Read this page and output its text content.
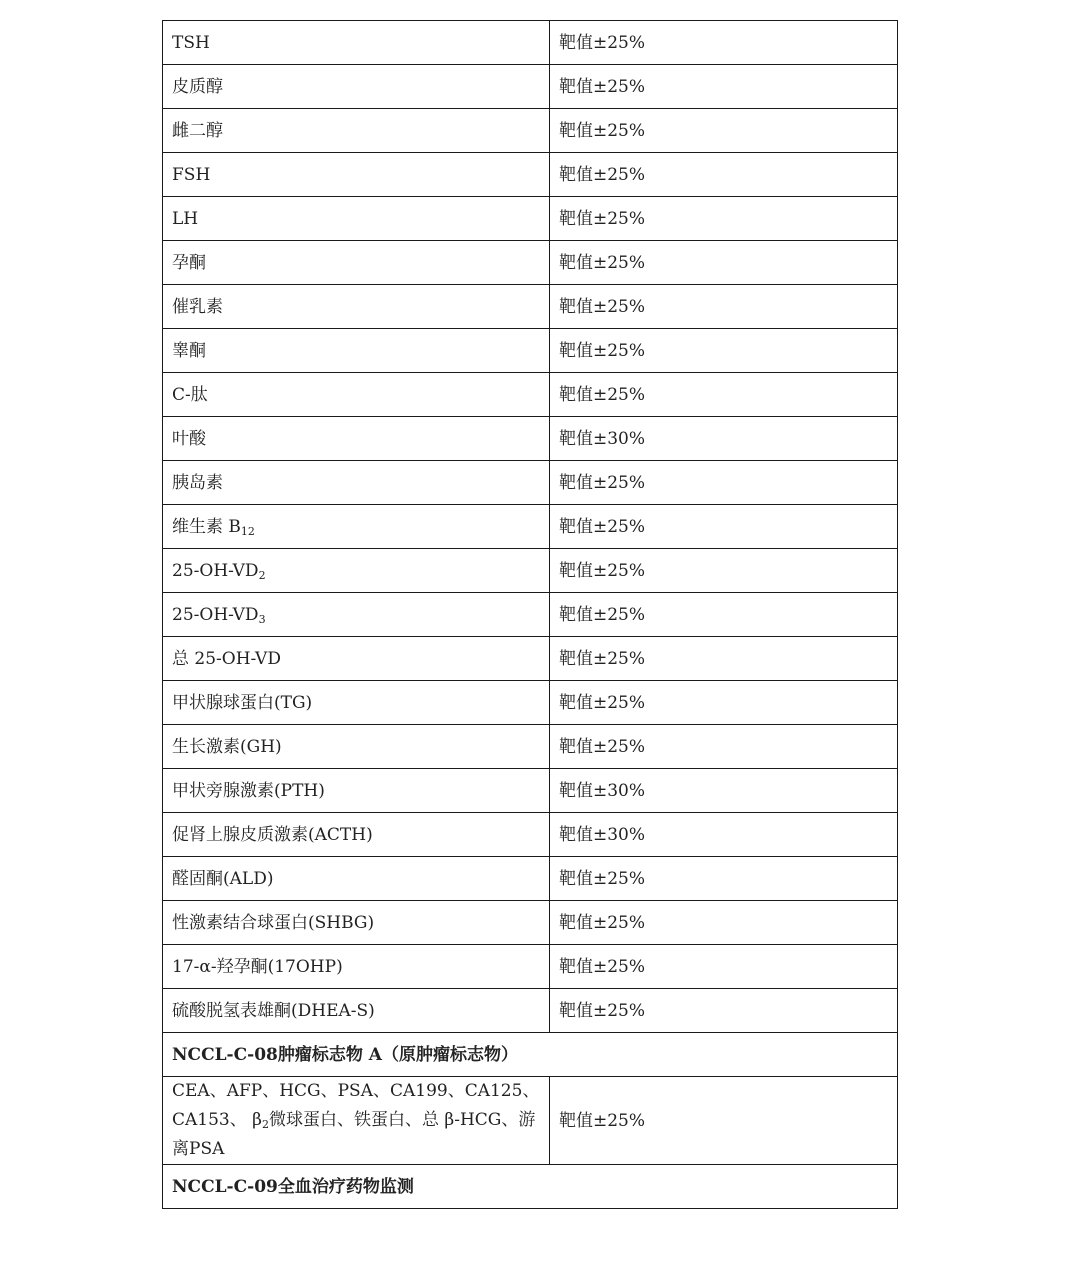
TSH	靶值±25%
皮质醇	靶值±25%
雌二醇	靶值±25%
FSH	靶值±25%
LH	靶值±25%
孕酮	靶值±25%
催乳素	靶值±25%
睾酮	靶值±25%
C-肽	靶值±25%
叶酸	靶值±30%
胰岛素	靶值±25%
维生素 $B_{12}$	靶值±25%
$25-OH-VD_2$	靶值±25%
$25-OH-VD_3$	靶值±25%
总 25-OH-VD	靶值±25%
甲状腺球蛋白(TG)	靶值±25%
生长激素(GH)	靶值±25%
甲状旁腺激素(PTH)	靶值±30%
促肾上腺皮质激素(ACTH)	靶值±30%
醛固酮(ALD)	靶值±25%
性激素结合球蛋白(SHBG)	靶值±25%
17-α-羟孕酮(17OHP)	靶值±25%
硫酸脱氢表雄酮(DHEA-S)	靶值±25%
NCCL-C-08肿瘤标志物 A（原肿瘤标志物）	
CEA、AFP、HCG、PSA、CA199、CA125、CA153、 $\beta_2$微球蛋白、铁蛋白、总 β-HCG、游离PSA	靶值±25%
NCCL-C-09全血治疗药物监测	
